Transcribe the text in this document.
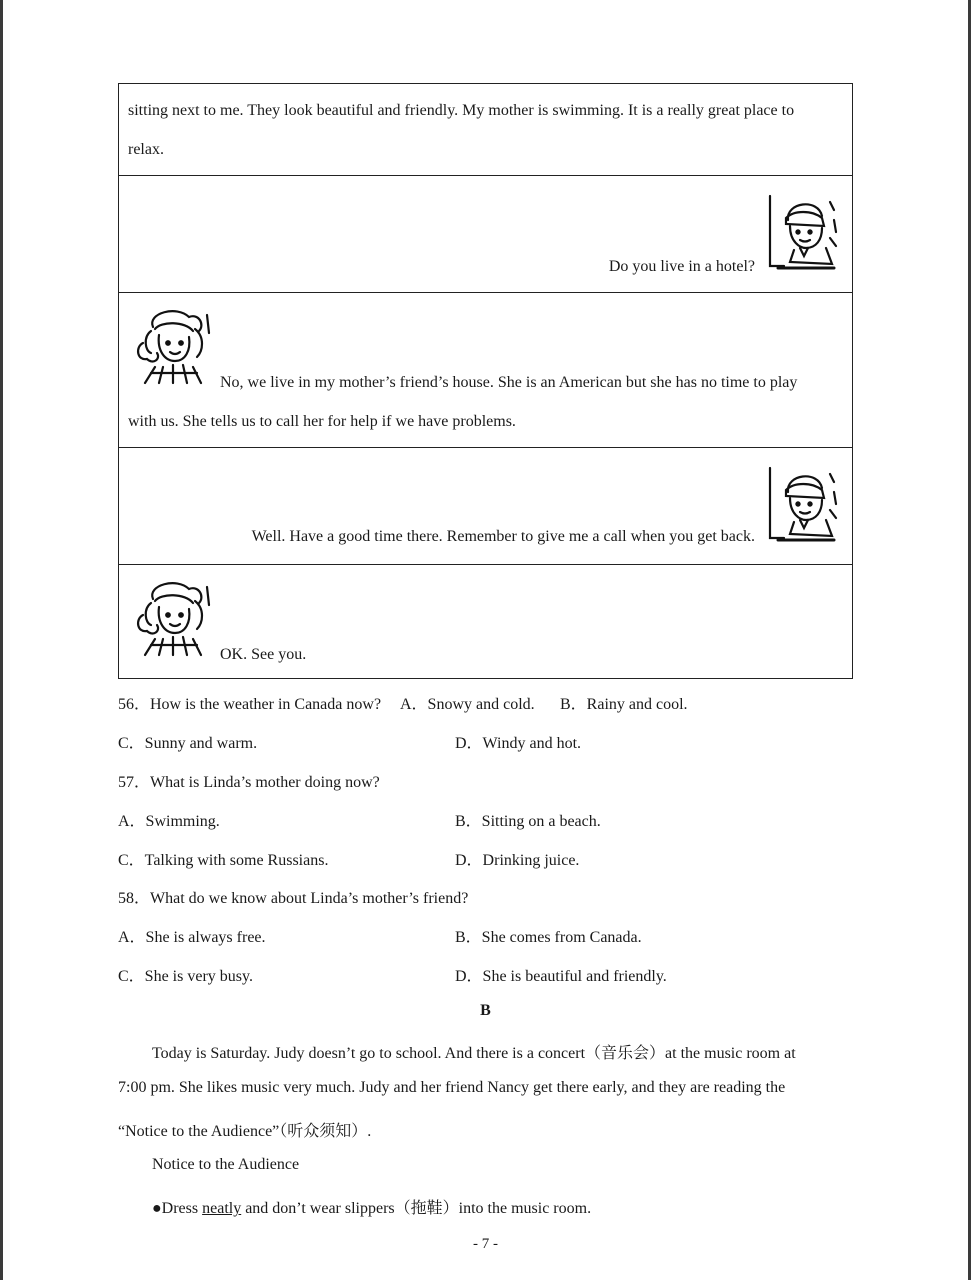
sitting next to me. They look beautiful and friendly. My mother is swimming. It is a really great place to
relax.
Do you live in a hotel?
No, we live in my mother’s friend’s house. She is an American but she has no time to play
with us. She tells us to call her for help if we have problems.
Well. Have a good time there. Remember to give me a call when you get back.
OK. See you.
56．How is the weather in Canada now? A．Snowy and cold. B．Rainy and cool.
C．Sunny and warm.	D．Windy and hot.
57．What is Linda’s mother doing now?
A．Swimming.	B．Sitting on a beach.
C．Talking with some Russians.	D．Drinking juice.
58．What do we know about Linda’s mother’s friend?
A．She is always free.	B．She comes from Canada.
C．She is very busy.	D．She is beautiful and friendly.
B
Today is Saturday. Judy doesn’t go to school. And there is a concert（音乐会）at the music room at
7:00 pm. She likes music very much. Judy and her friend Nancy get there early, and they are reading the
“Notice to the Audience”（听众须知）.
Notice to the Audience
●Dress neatly and don’t wear slippers（拖鞋）into the music room.
- 7 -
